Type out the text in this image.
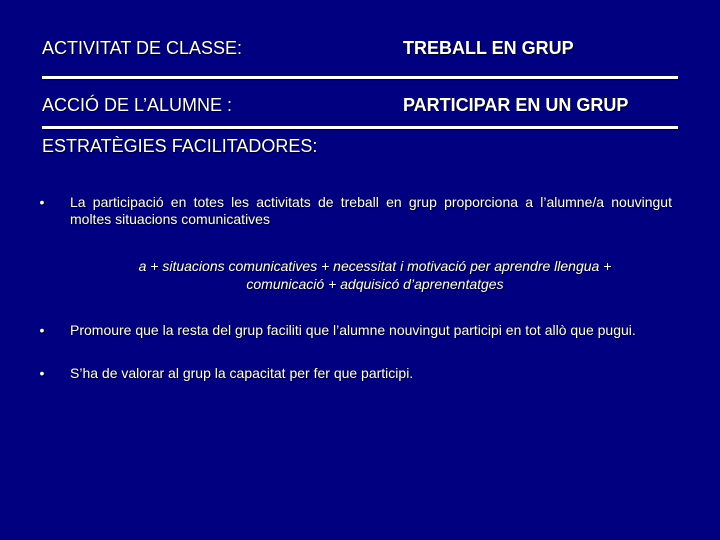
ACTIVITAT DE CLASSE:	TREBALL EN GRUP
ACCIÓ DE L’ALUMNE :	PARTICIPAR EN UN GRUP
ESTRATÈGIES FACILITADORES:
• La participació en totes les activitats de treball en grup proporciona a l’alumne/a nouvingut moltes situacions comunicatives
a + situacions comunicatives + necessitat i motivació per aprendre llengua +
comunicació + adquisicó d’aprenentatges
• Promoure que la resta del grup faciliti que l’alumne nouvingut participi en tot allò que pugui.
• S’ha de valorar al grup la capacitat per fer que participi.
